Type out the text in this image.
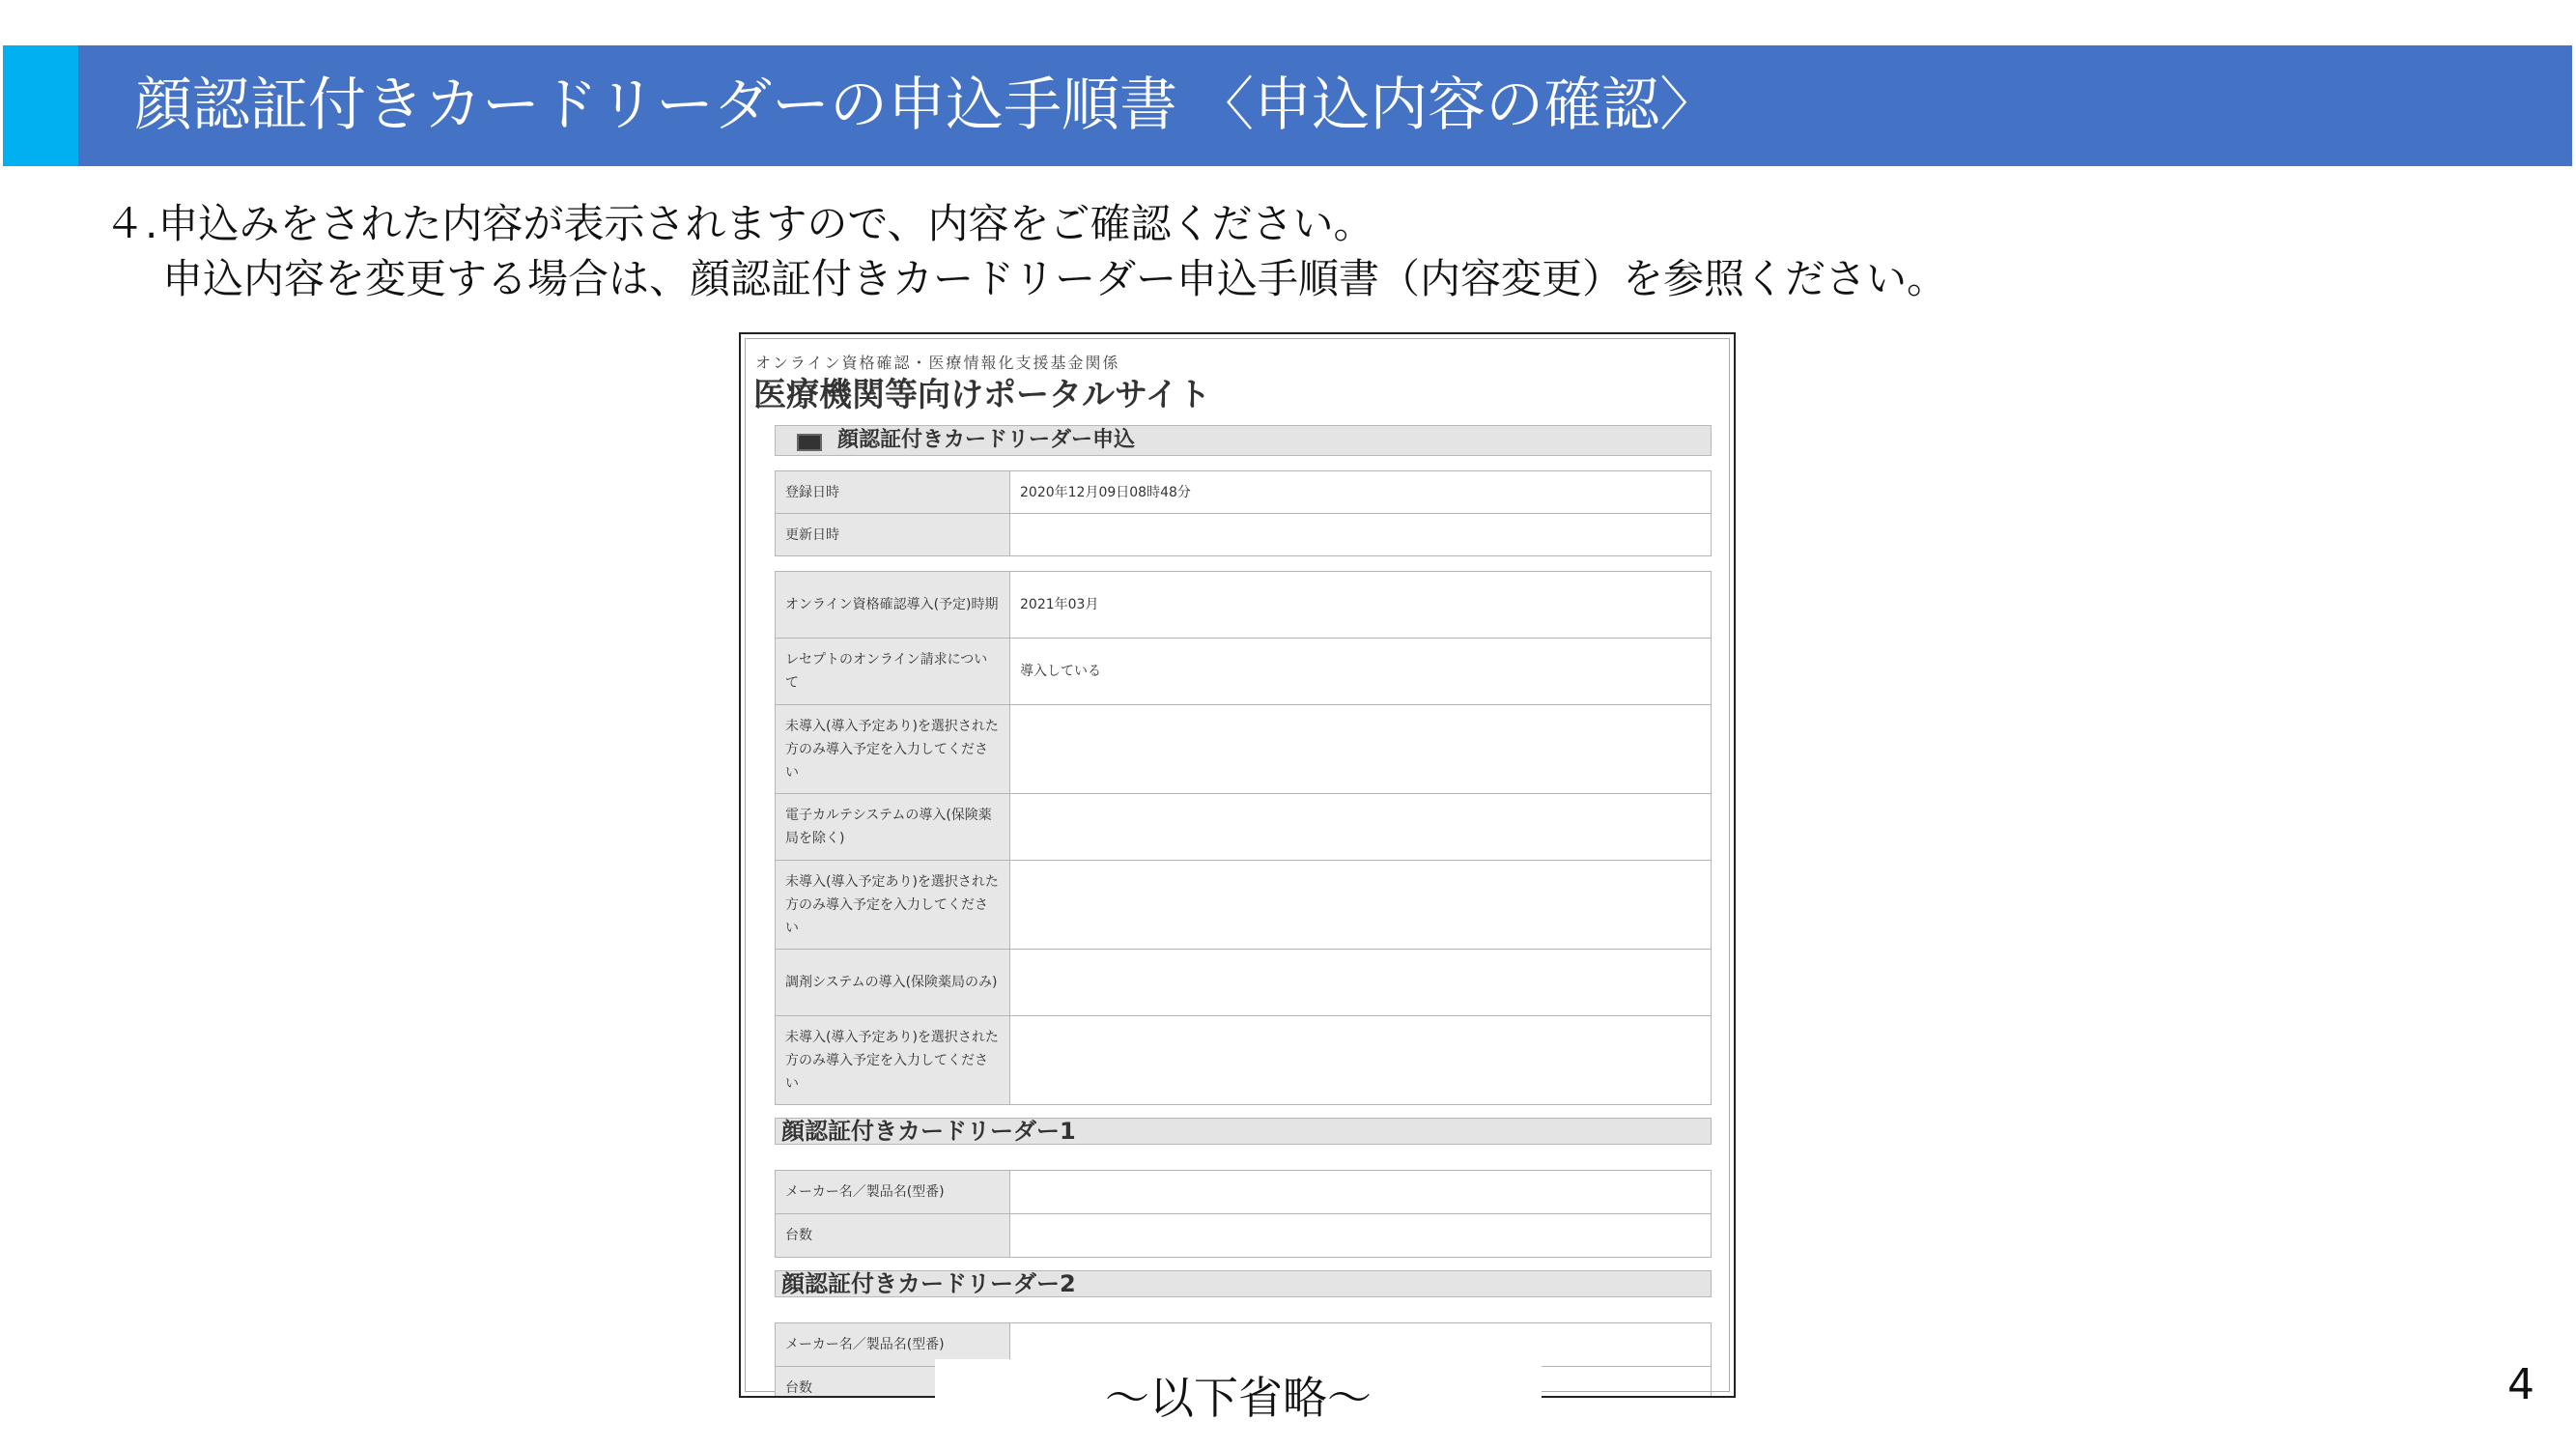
顔認証付きカードリーダーの申込手順書 〈申込内容の確認〉
４.申込みをされた内容が表示されますので、内容をご確認ください。
申込内容を変更する場合は、顔認証付きカードリーダー申込手順書（内容変更）を参照ください。
オンライン資格確認・医療情報化支援基金関係
医療機関等向けポータルサイト
顔認証付きカードリーダー申込
登録日時	2020年12月09日08時48分
更新日時	
オンライン資格確認導入(予定)時期	2021年03月
レセプトのオンライン請求について	導入している
未導入(導入予定あり)を選択された方のみ導入予定を入力してください	
電子カルテシステムの導入(保険薬局を除く)	
未導入(導入予定あり)を選択された方のみ導入予定を入力してください	
調剤システムの導入(保険薬局のみ)	
未導入(導入予定あり)を選択された方のみ導入予定を入力してください	
顔認証付きカードリーダー1
メーカー名／製品名(型番)	
台数	
顔認証付きカードリーダー2
メーカー名／製品名(型番)	
台数		～以下省略～	4
